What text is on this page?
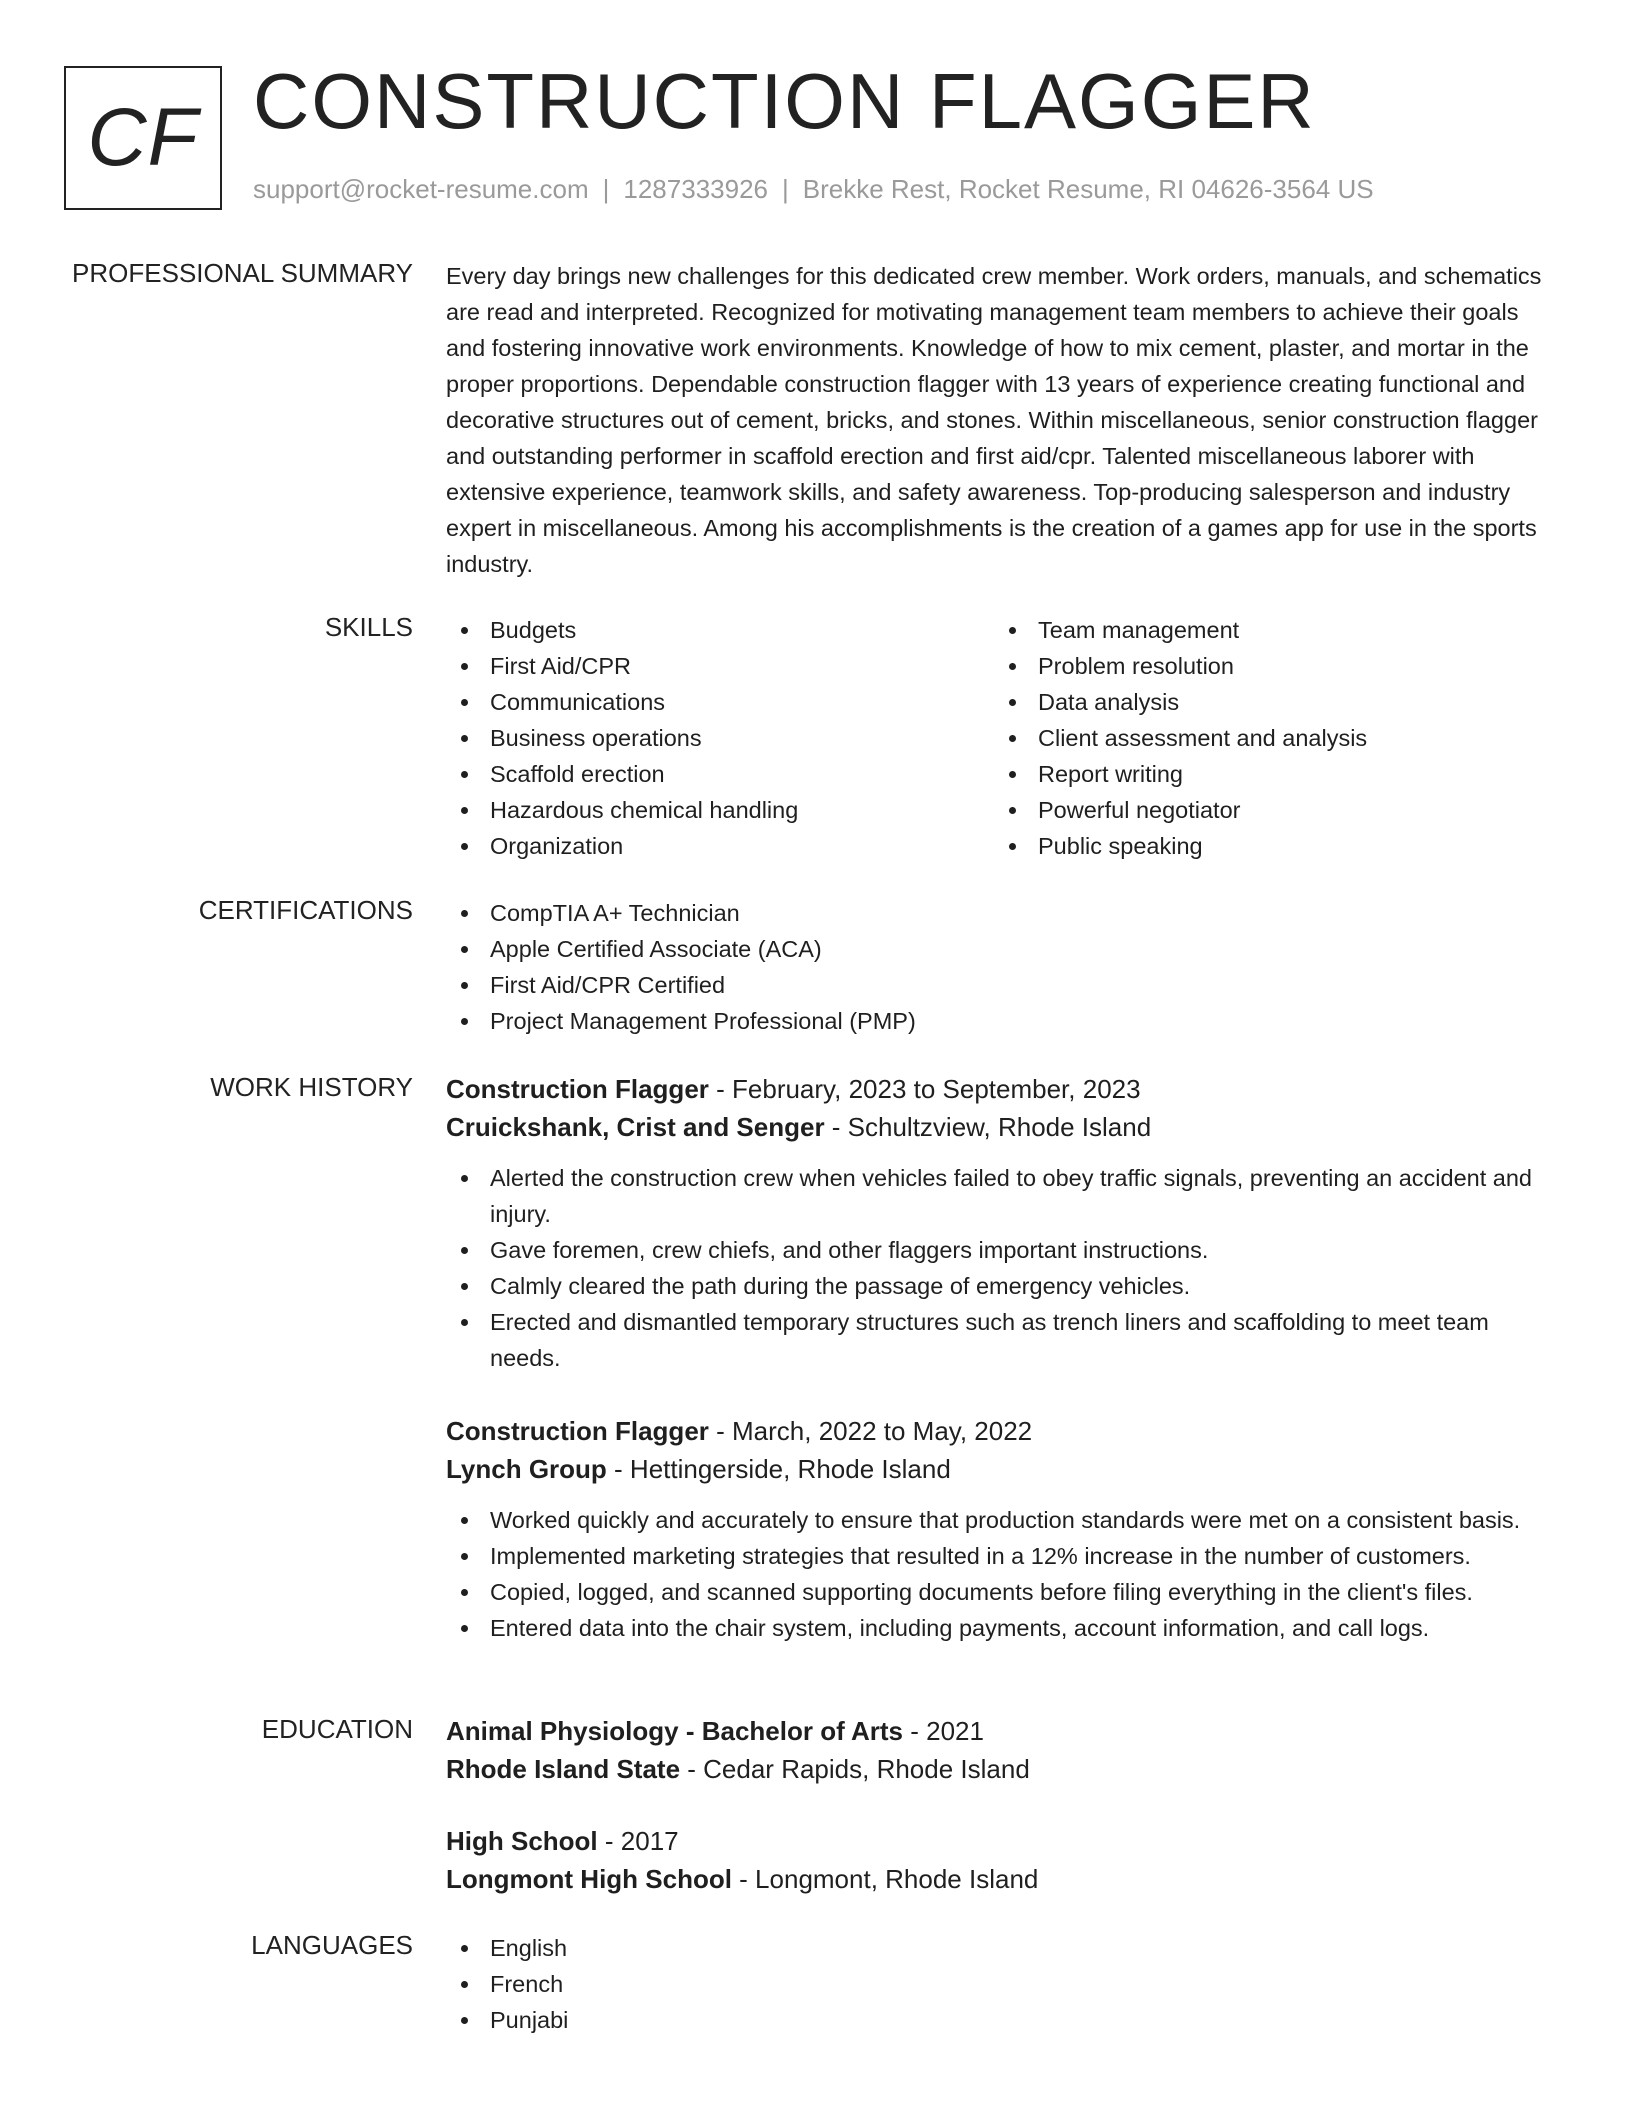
CF CONSTRUCTION FLAGGER
support@rocket-resume.com | 1287333926 | Brekke Rest, Rocket Resume, RI 04626-3564 US
PROFESSIONAL SUMMARY Every day brings new challenges for this dedicated crew member. Work orders, manuals, and schematics are read and interpreted. Recognized for motivating management team members to achieve their goals and fostering innovative work environments. Knowledge of how to mix cement, plaster, and mortar in the proper proportions. Dependable construction flagger with 13 years of experience creating functional and decorative structures out of cement, bricks, and stones. Within miscellaneous, senior construction flagger and outstanding performer in scaffold erection and first aid/cpr. Talented miscellaneous laborer with extensive experience, teamwork skills, and safety awareness. Top-producing salesperson and industry expert in miscellaneous. Among his accomplishments is the creation of a games app for use in the sports industry.

SKILLS	Budgets
First Aid/CPR
Communications
Business operations
Scaffold erection
Hazardous chemical handling
Organization
Team management
Problem resolution
Data analysis
Client assessment and analysis
Report writing
Powerful negotiator
Public speaking
CERTIFICATIONS	CompTIA A+ Technician
Apple Certified Associate (ACA)
First Aid/CPR Certified
Project Management Professional (PMP)
WORK HISTORY Construction Flagger - February, 2023 to September, 2023
Cruickshank, Crist and Senger - Schultzview, Rhode Island
Alerted the construction crew when vehicles failed to obey traffic signals, preventing an accident and injury.
Gave foremen, crew chiefs, and other flaggers important instructions.
Calmly cleared the path during the passage of emergency vehicles.
Erected and dismantled temporary structures such as trench liners and scaffolding to meet team needs.
Construction Flagger - March, 2022 to May, 2022
Lynch Group - Hettingerside, Rhode Island
Worked quickly and accurately to ensure that production standards were met on a consistent basis.
Implemented marketing strategies that resulted in a 12% increase in the number of customers.
Copied, logged, and scanned supporting documents before filing everything in the client's files.
Entered data into the chair system, including payments, account information, and call logs.
EDUCATION Animal Physiology - Bachelor of Arts - 2021
Rhode Island State - Cedar Rapids, Rhode Island
High School - 2017
Longmont High School - Longmont, Rhode Island
LANGUAGES	English
French
Punjabi
